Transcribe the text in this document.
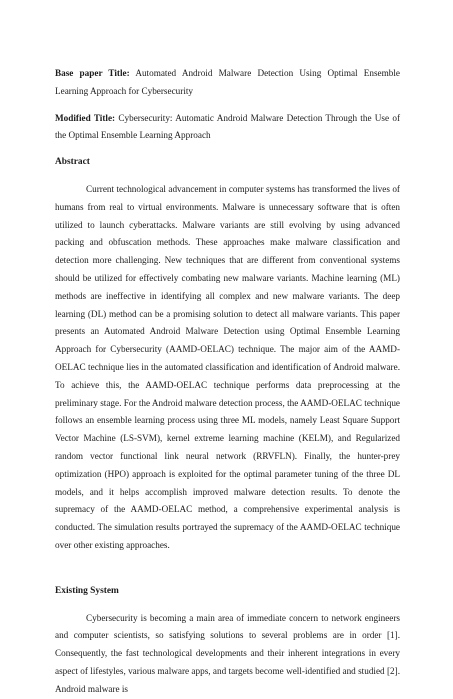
Base paper Title: Automated Android Malware Detection Using Optimal Ensemble Learning Approach for Cybersecurity

Modified Title: Cybersecurity: Automatic Android Malware Detection Through the Use of the Optimal Ensemble Learning Approach

Abstract

Current technological advancement in computer systems has transformed the lives of humans from real to virtual environments. Malware is unnecessary software that is often utilized to launch cyberattacks. Malware variants are still evolving by using advanced packing and obfuscation methods. These approaches make malware classification and detection more challenging. New techniques that are different from conventional systems should be utilized for effectively combating new malware variants. Machine learning (ML) methods are ineffective in identifying all complex and new malware variants. The deep learning (DL) method can be a promising solution to detect all malware variants. This paper presents an Automated Android Malware Detection using Optimal Ensemble Learning Approach for Cybersecurity (AAMD-OELAC) technique. The major aim of the AAMD-OELAC technique lies in the automated classification and identification of Android malware. To achieve this, the AAMD-OELAC technique performs data preprocessing at the preliminary stage. For the Android malware detection process, the AAMD-OELAC technique follows an ensemble learning process using three ML models, namely Least Square Support Vector Machine (LS-SVM), kernel extreme learning machine (KELM), and Regularized random vector functional link neural network (RRVFLN). Finally, the hunter-prey optimization (HPO) approach is exploited for the optimal parameter tuning of the three DL models, and it helps accomplish improved malware detection results. To denote the supremacy of the AAMD-OELAC method, a comprehensive experimental analysis is conducted. The simulation results portrayed the supremacy of the AAMD-OELAC technique over other existing approaches.

Existing System

Cybersecurity is becoming a main area of immediate concern to network engineers and computer scientists, so satisfying solutions to several problems are in order [1]. Consequently, the fast technological developments and their inherent integrations in every aspect of lifestyles, various malware apps, and targets become well-identified and studied [2]. Android malware is
